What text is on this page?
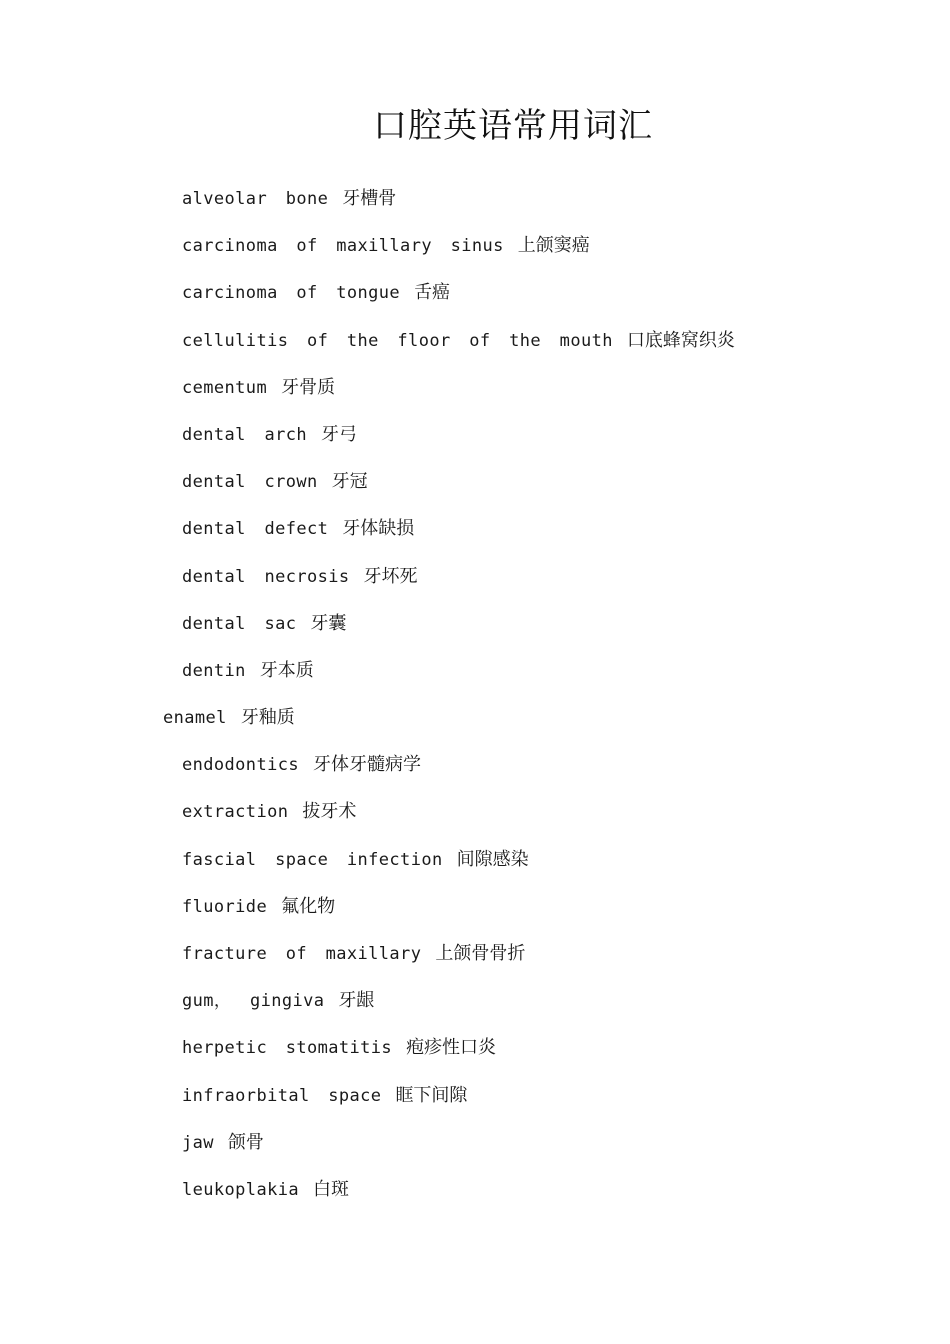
口腔英语常用词汇
alveolar bone 牙槽骨
carcinoma of maxillary sinus 上颌窦癌
carcinoma of tongue 舌癌
cellulitis of the floor of the mouth 口底蜂窝织炎
cementum 牙骨质
dental arch 牙弓
dental crown 牙冠
dental defect 牙体缺损
dental necrosis 牙坏死
dental sac 牙囊
dentin 牙本质
enamel 牙釉质
endodontics 牙体牙髓病学
extraction 拔牙术
fascial space infection 间隙感染
fluoride 氟化物
fracture of maxillary 上颌骨骨折
gum， gingiva 牙龈
herpetic stomatitis 疱疹性口炎
infraorbital space 眶下间隙
jaw 颌骨
leukoplakia 白斑
